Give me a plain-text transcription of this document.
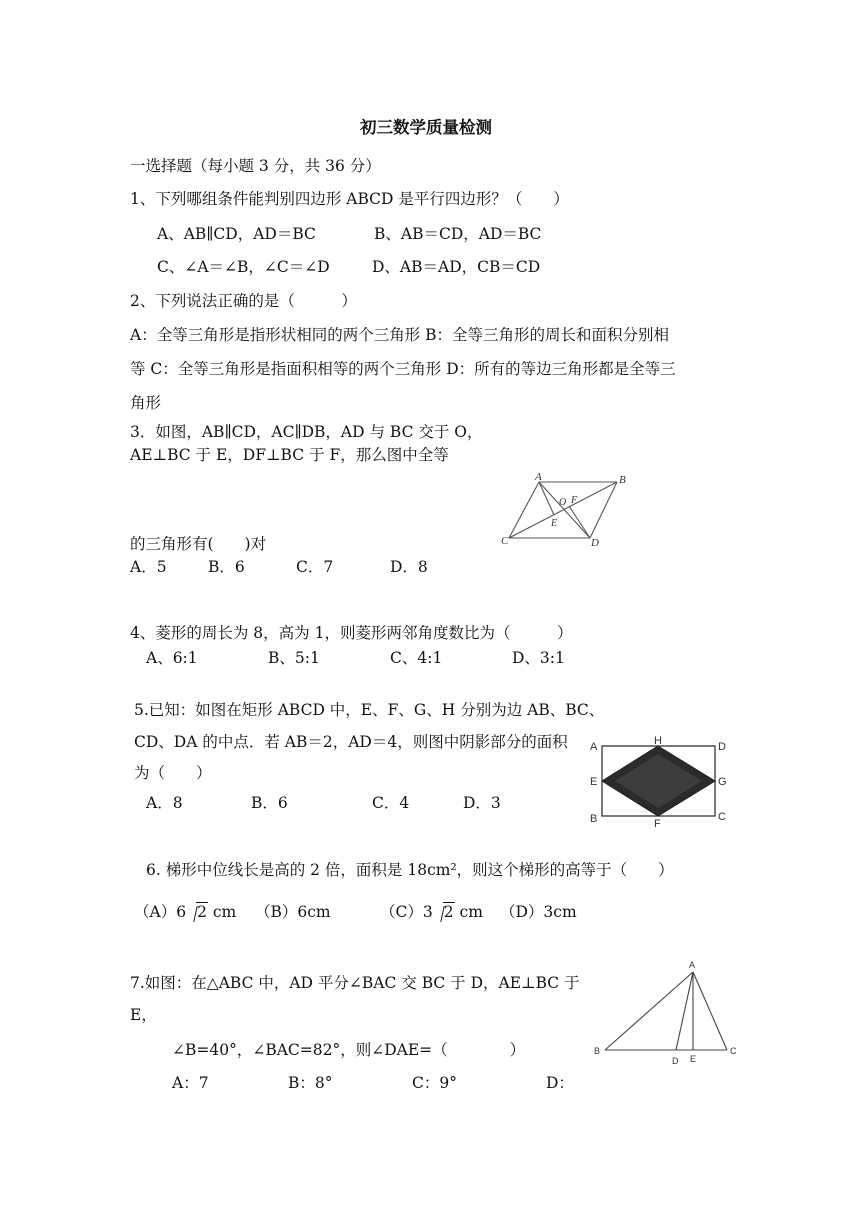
初三数学质量检测
一选择题（每小题 3 分，共 36 分）
1、下列哪组条件能判别四边形 ABCD 是平行四边形？（　　）
A、AB∥CD，AD＝BC	B、AB＝CD，AD＝BC
C、∠A＝∠B，∠C＝∠D	D、AB＝AD，CB＝CD
2、下列说法正确的是（　　　）
A：全等三角形是指形状相同的两个三角形 B：全等三角形的周长和面积分别相
等 C：全等三角形是指面积相等的两个三角形 D：所有的等边三角形都是全等三
角形
3．如图，AB∥CD，AC∥DB，AD 与 BC 交于 O，
AE⊥BC 于 E，DF⊥BC 于 F，那么图中全等
的三角形有(　　)对
A．5	B．6	C．7	D．8
A	B
C	D
O F
E
4、菱形的周长为 8，高为 1，则菱形两邻角度数比为（　　　）
A、6:1	B、5:1	C、4:1	D、3:1
5.已知：如图在矩形 ABCD 中，E、F、G、H 分别为边 AB、BC、
CD、DA 的中点．若 AB＝2，AD＝4，则图中阴影部分的面积
为（　　）
A．8	B．6	C．4	D．3
A	H	D
E	G
B	F
C
6. 梯形中位线长是高的 2 倍，面积是 18cm²，则这个梯形的高等于（　　）
（A）6 2 cm （B）6cm	（C）3 2 cm （D）3cm
7.如图：在△ABC 中，AD 平分∠BAC 交 BC 于 D，AE⊥BC 于
E，
∠B=40°，∠BAC=82°，则∠DAE=（　　　　）
A：7	B：8°	C：9°	D：
A
B
D E
C
